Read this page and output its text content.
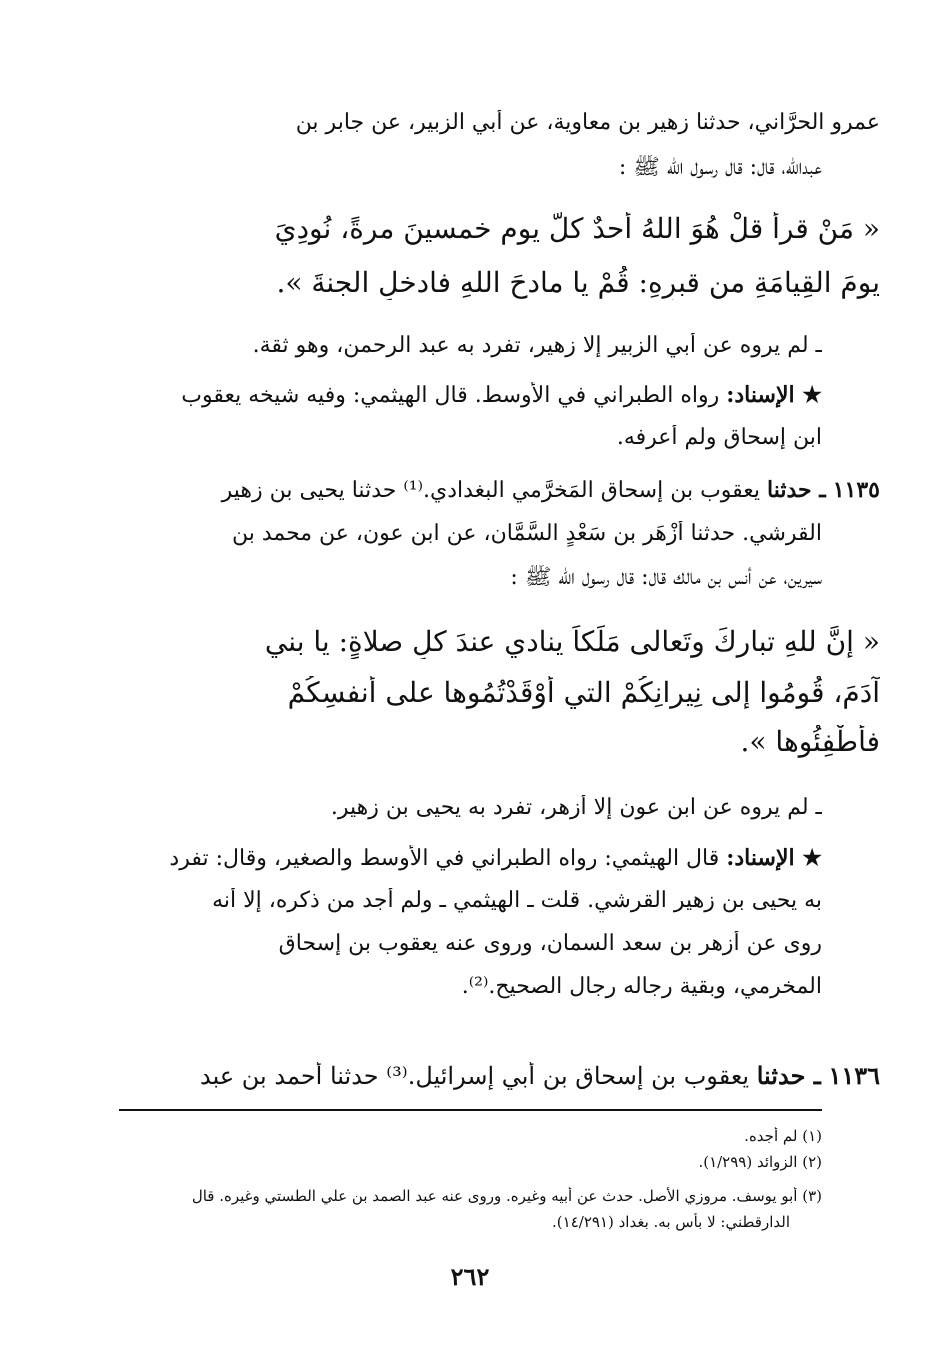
عمرو الحرَّاني، حدثنا زهير بن معاوية، عن أبي الزبير، عن جابر بن
عبدالله، قال: قال رسول الله ﷺ :
« مَنْ قرأَ قلْ هُوَ اللهُ أحدٌ كلَّ يوم خمسينَ مرةً، نُودِيَ
يومَ القِيامَةِ من قبرِهِ: قُمْ يا مادحَ اللهِ فادخلِ الجنةَ ».
ـ لم يروه عن أبي الزبير إلا زهير، تفرد به عبد الرحمن، وهو ثقة.
★ الإسناد: رواه الطبراني في الأوسط. قال الهيثمي: وفيه شيخه يعقوب
ابن إسحاق ولم أعرفه.
١١٣٥ ـ حدثنا يعقوب بن إسحاق المَخرَّمي البغدادي.⁽¹⁾ حدثنا يحيى بن زهير
القرشي. حدثنا أزْهَر بن سَعْدٍ السَّمَّان، عن ابن عون، عن محمد بن
سيرين، عن أنس بن مالك قال: قال رسول الله ﷺ :
« إنَّ للهِ تباركَ وتَعالى مَلَكاً ينادي عندَ كلِ صلاةٍ: يا بني
آدَمَ، قُومُوا إلى نِيرانِكُمْ التي أوْقَدْتُمُوها على أنفسِكُمْ
فأطْفِئُوها ».
ـ لم يروه عن ابن عون إلا أزهر، تفرد به يحيى بن زهير.
★ الإسناد: قال الهيثمي: رواه الطبراني في الأوسط والصغير، وقال: تفرد
به يحيى بن زهير القرشي. قلت ـ الهيثمي ـ ولم أجد من ذكره، إلا أنه
روى عن أزهر بن سعد السمان، وروى عنه يعقوب بن إسحاق
المخرمي، وبقية رجاله رجال الصحيح.⁽²⁾.
١١٣٦ ـ حدثنا يعقوب بن إسحاق بن أبي إسرائيل.⁽³⁾ حدثنا أحمد بن عبد
(١) لم أجده.
(٢) الزوائد (١/٢٩٩).
(٣) أبو يوسف. مروزي الأصل. حدث عن أبيه وغيره. وروى عنه عبد الصمد بن علي الطستي وغيره. قال
الدارقطني: لا بأس به. بغداد (١٤/٢٩١).
٢٦٢
